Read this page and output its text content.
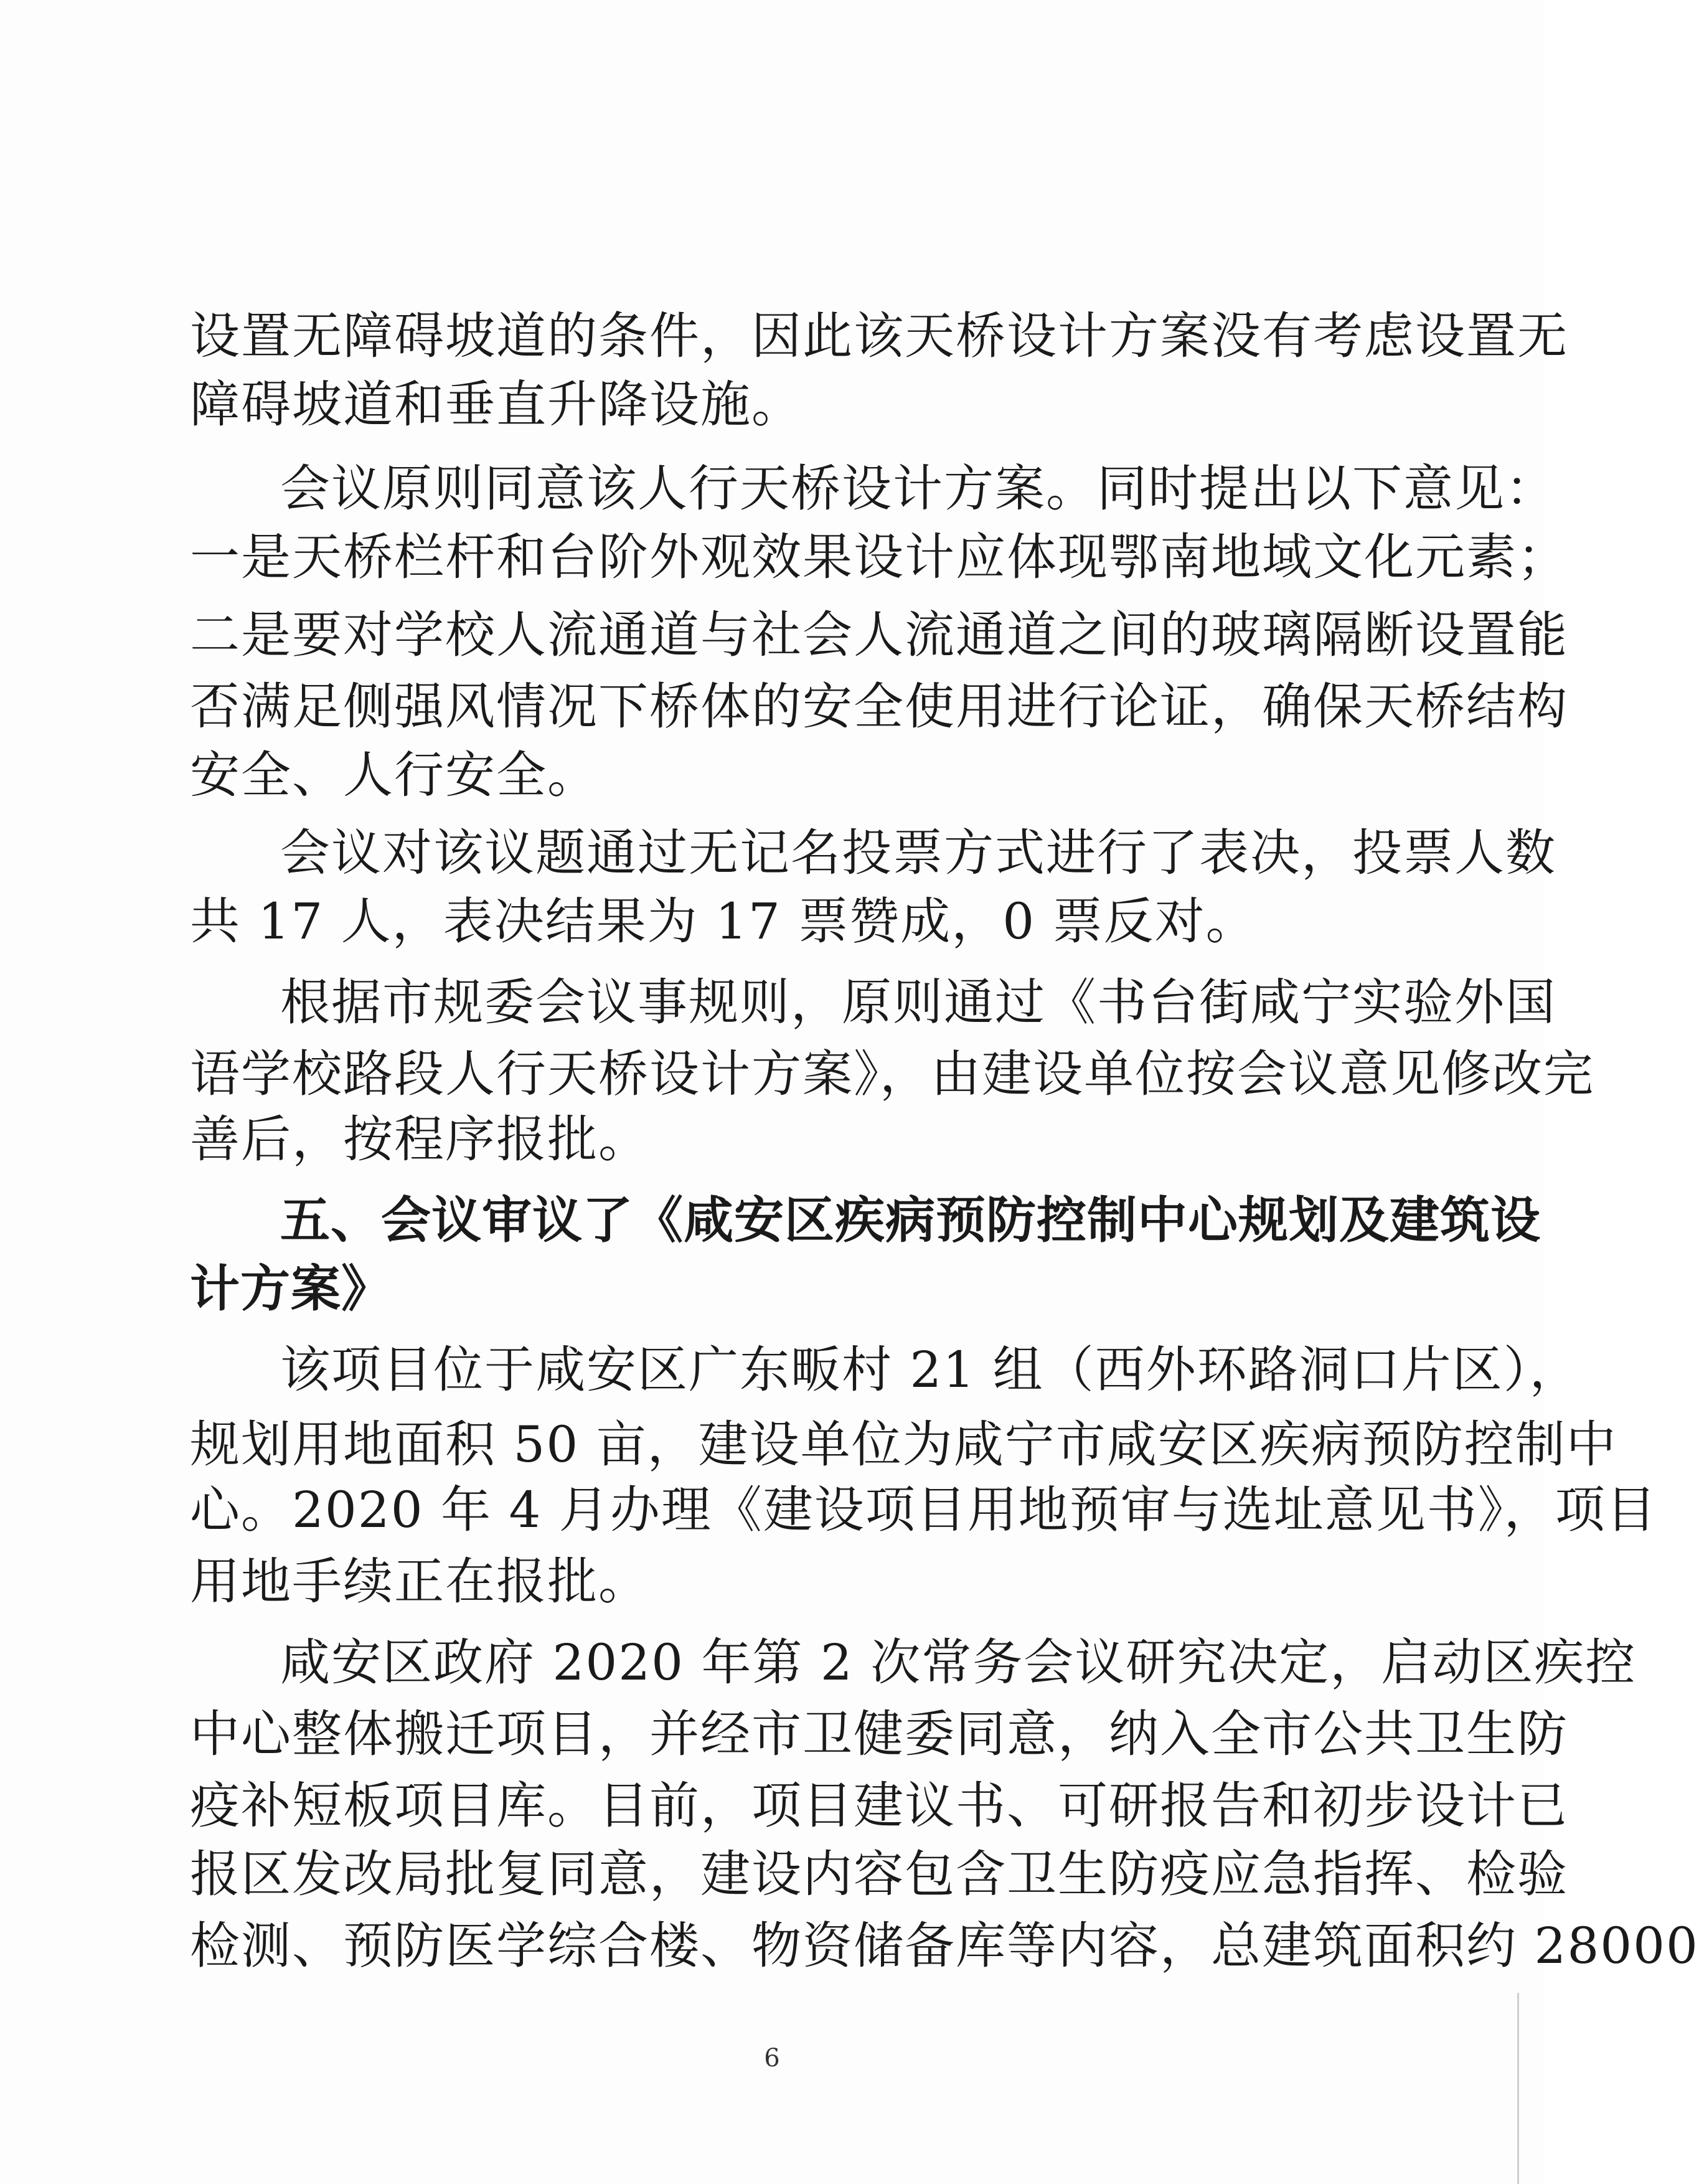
设置无障碍坡道的条件，因此该天桥设计方案没有考虑设置无
障碍坡道和垂直升降设施。
会议原则同意该人行天桥设计方案。同时提出以下意见：
一是天桥栏杆和台阶外观效果设计应体现鄂南地域文化元素；
二是要对学校人流通道与社会人流通道之间的玻璃隔断设置能
否满足侧强风情况下桥体的安全使用进行论证，确保天桥结构
安全、人行安全。
会议对该议题通过无记名投票方式进行了表决，投票人数
共 17 人，表决结果为 17 票赞成，0 票反对。
根据市规委会议事规则，原则通过《书台街咸宁实验外国
语学校路段人行天桥设计方案》，由建设单位按会议意见修改完
善后，按程序报批。
五、会议审议了《咸安区疾病预防控制中心规划及建筑设
计方案》
该项目位于咸安区广东畈村 21 组（西外环路洞口片区），
规划用地面积 50 亩，建设单位为咸宁市咸安区疾病预防控制中
心。2020 年 4 月办理《建设项目用地预审与选址意见书》，项目
用地手续正在报批。
咸安区政府 2020 年第 2 次常务会议研究决定，启动区疾控
中心整体搬迁项目，并经市卫健委同意，纳入全市公共卫生防
疫补短板项目库。目前，项目建议书、可研报告和初步设计已
报区发改局批复同意，建设内容包含卫生防疫应急指挥、检验
检测、预防医学综合楼、物资储备库等内容，总建筑面积约 28000
6
